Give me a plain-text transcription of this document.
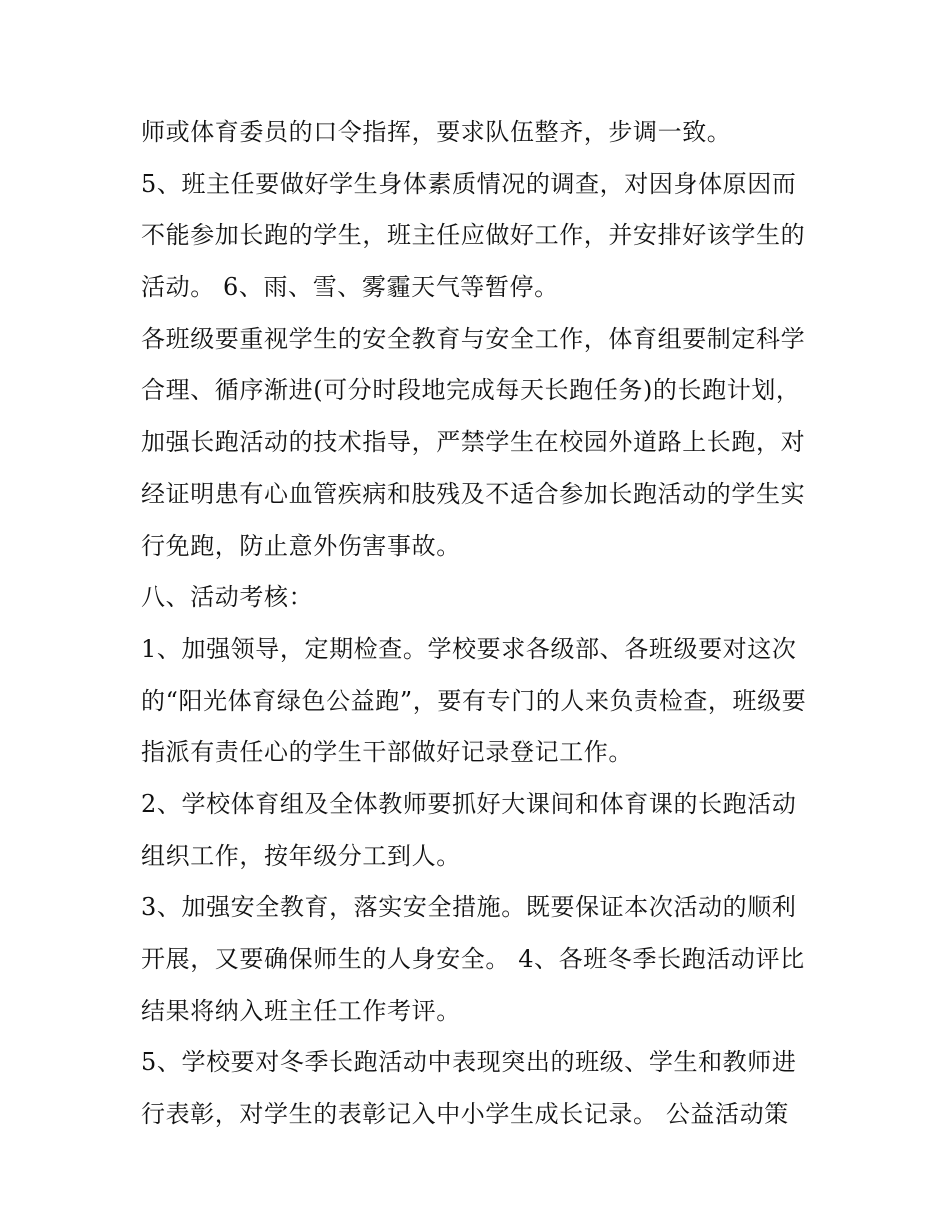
师或体育委员的口令指挥，要求队伍整齐，步调一致。
5、班主任要做好学生身体素质情况的调查，对因身体原因而
不能参加长跑的学生，班主任应做好工作，并安排好该学生的
活动。 6、雨、雪、雾霾天气等暂停。
各班级要重视学生的安全教育与安全工作，体育组要制定科学
合理、循序渐进(可分时段地完成每天长跑任务)的长跑计划，
加强长跑活动的技术指导，严禁学生在校园外道路上长跑，对
经证明患有心血管疾病和肢残及不适合参加长跑活动的学生实
行免跑，防止意外伤害事故。
八、活动考核：
1、加强领导，定期检查。学校要求各级部、各班级要对这次
的“阳光体育绿色公益跑”，要有专门的人来负责检查，班级要
指派有责任心的学生干部做好记录登记工作。
2、学校体育组及全体教师要抓好大课间和体育课的长跑活动
组织工作，按年级分工到人。
3、加强安全教育，落实安全措施。既要保证本次活动的顺利
开展，又要确保师生的人身安全。 4、各班冬季长跑活动评比
结果将纳入班主任工作考评。
5、学校要对冬季长跑活动中表现突出的班级、学生和教师进
行表彰，对学生的表彰记入中小学生成长记录。 公益活动策
